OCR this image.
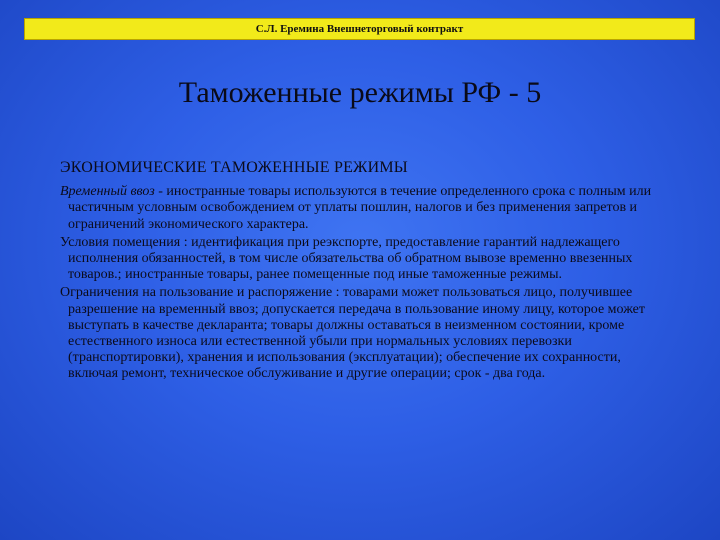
С.Л. Еремина Внешнеторговый контракт
Таможенные режимы РФ - 5
ЭКОНОМИЧЕСКИЕ ТАМОЖЕННЫЕ РЕЖИМЫ

Временный ввоз - иностранные товары используются в течение определенного срока с полным или частичным условным освобождением от уплаты пошлин, налогов и без применения запретов и ограничений экономического характера.

Условия помещения : идентификация при реэкспорте, предоставление гарантий надлежащего исполнения обязанностей, в том числе обязательства об обратном вывозе временно ввезенных товаров.; иностранные товары, ранее помещенные под иные таможенные режимы.

Ограничения на пользование и распоряжение : товарами может пользоваться лицо, получившее разрешение на временный ввоз; допускается передача в пользование иному лицу, которое может выступать в качестве декларанта; товары должны оставаться в неизменном состоянии, кроме естественного износа или естественной убыли при нормальных условиях перевозки (транспортировки), хранения и использования (эксплуатации); обеспечение их сохранности, включая ремонт, техническое обслуживание и другие операции; срок - два года.
